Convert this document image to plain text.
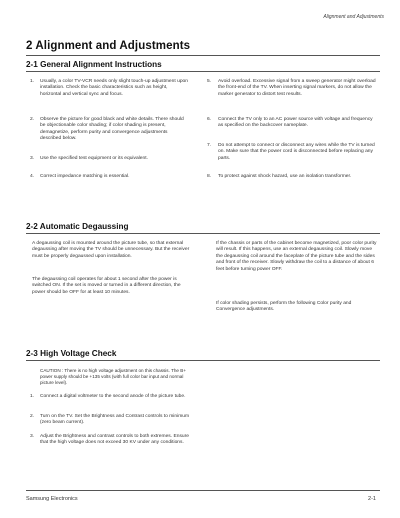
Alignment and Adjustments
2 Alignment and Adjustments
2-1 General Alignment Instructions
1. Usually, a color TV-VCR needs only slight touch-up adjustment upon installation. Check the basic characteristics such as height, horizontal and vertical sync and focus.
2. Observe the picture for good black and white details. There should be objectionable color shading; if color shading is present, demagnetize, perform purity and convergence adjustments described below.
3. Use the specified test equipment or its equivalent.
4. Correct impedance matching is essential.
5. Avoid overload. Excessive signal from a sweep generator might overload the front-end of the TV. When inserting signal markers, do not allow the marker generator to distort test results.
6. Connect the TV only to an AC power source with voltage and frequency as specified on the backcover nameplate.
7. Do not attempt to connect or disconnect any wires while the TV is turned on. Make sure that the power cord is disconnected before replacing any parts.
8. To protect against shock hazard, use an isolation transformer.
2-2 Automatic Degaussing
A degaussing coil is mounted around the picture tube, so that external degaussing after moving the TV should be unnecessary. But the receiver must be properly degaussed upon installation.
The degaussing coil operates for about 1 second after the power is switched ON. If the set is moved or turned in a different direction, the power should be OFF for at least 10 minutes.
If the chassis or parts of the cabinet become magnetized, poor color purity will result. If this happens, use an external degaussing coil. Slowly move the degaussing coil around the faceplate of the picture tube and the sides and front of the receiver. Slowly withdraw the coil to a distance of about 6 feet before turning power OFF.
If color shading persists, perform the following Color purity and Convergence adjustments.
2-3 High Voltage Check
CAUTION : There is no high voltage adjustment on this chassis. The B+ power supply should be +135 volts (with full color bar input and normal picture level).
1. Connect a digital voltmeter to the second anode of the picture tube.
2. Turn on the TV. Set the Brightness and Contrast controls to minimum (zero beam current).
3. Adjust the Brightness and contrast controls to both extremes. Ensure that the high voltage does not exceed 30 KV under any conditions.
Samsung Electronics	2-1
